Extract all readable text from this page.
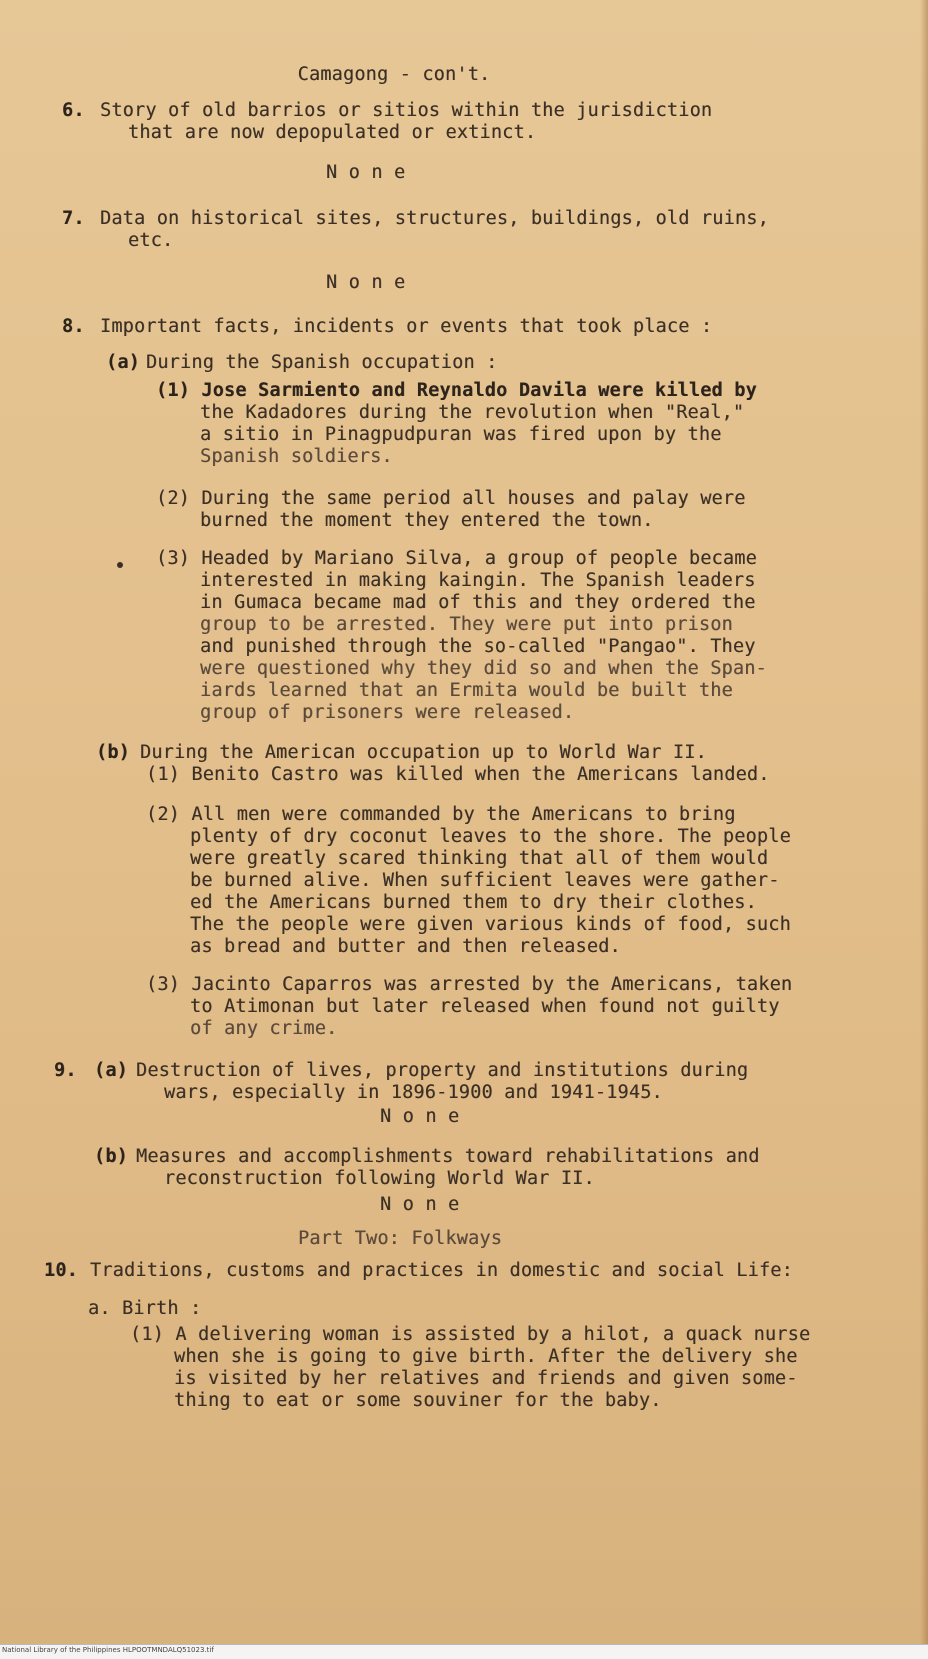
Camagong - con't.
6. Story of old barrios or sitios within the jurisdiction
that are now depopulated or extinct.
N o n e
7. Data on historical sites, structures, buildings, old ruins,
etc.
N o n e
8. Important facts, incidents or events that took place :
(a) During the Spanish occupation :
(1) Jose Sarmiento and Reynaldo Davila were killed by
the Kadadores during the revolution when "Real,"
a sitio in Pinagpudpuran was fired upon by the
Spanish soldiers.
(2) During the same period all houses and palay were
burned the moment they entered the town.
(3) Headed by Mariano Silva, a group of people became
interested in making kaingin. The Spanish leaders
in Gumaca became mad of this and they ordered the
group to be arrested. They were put into prison
and punished through the so-called "Pangao". They
were questioned why they did so and when the Span-
iards learned that an Ermita would be built the
group of prisoners were released.
(b) During the American occupation up to World War II.
(1) Benito Castro was killed when the Americans landed.
(2) All men were commanded by the Americans to bring
plenty of dry coconut leaves to the shore. The people
were greatly scared thinking that all of them would
be burned alive. When sufficient leaves were gather-
ed the Americans burned them to dry their clothes.
The the people were given various kinds of food, such
as bread and butter and then released.
(3) Jacinto Caparros was arrested by the Americans, taken
to Atimonan but later released when found not guilty
of any crime.
9. (a) Destruction of lives, property and institutions during
wars, especially in 1896-1900 and 1941-1945.
N o n e
(b) Measures and accomplishments toward rehabilitations and
reconstruction following World War II.
N o n e
Part Two: Folkways
10. Traditions, customs and practices in domestic and social Life:
a. Birth :
(1) A delivering woman is assisted by a hilot, a quack nurse
when she is going to give birth. After the delivery she
is visited by her relatives and friends and given some-
thing to eat or some souviner for the baby.
National Library of the Philippines HLPOOTMNDALQ51023.tif
